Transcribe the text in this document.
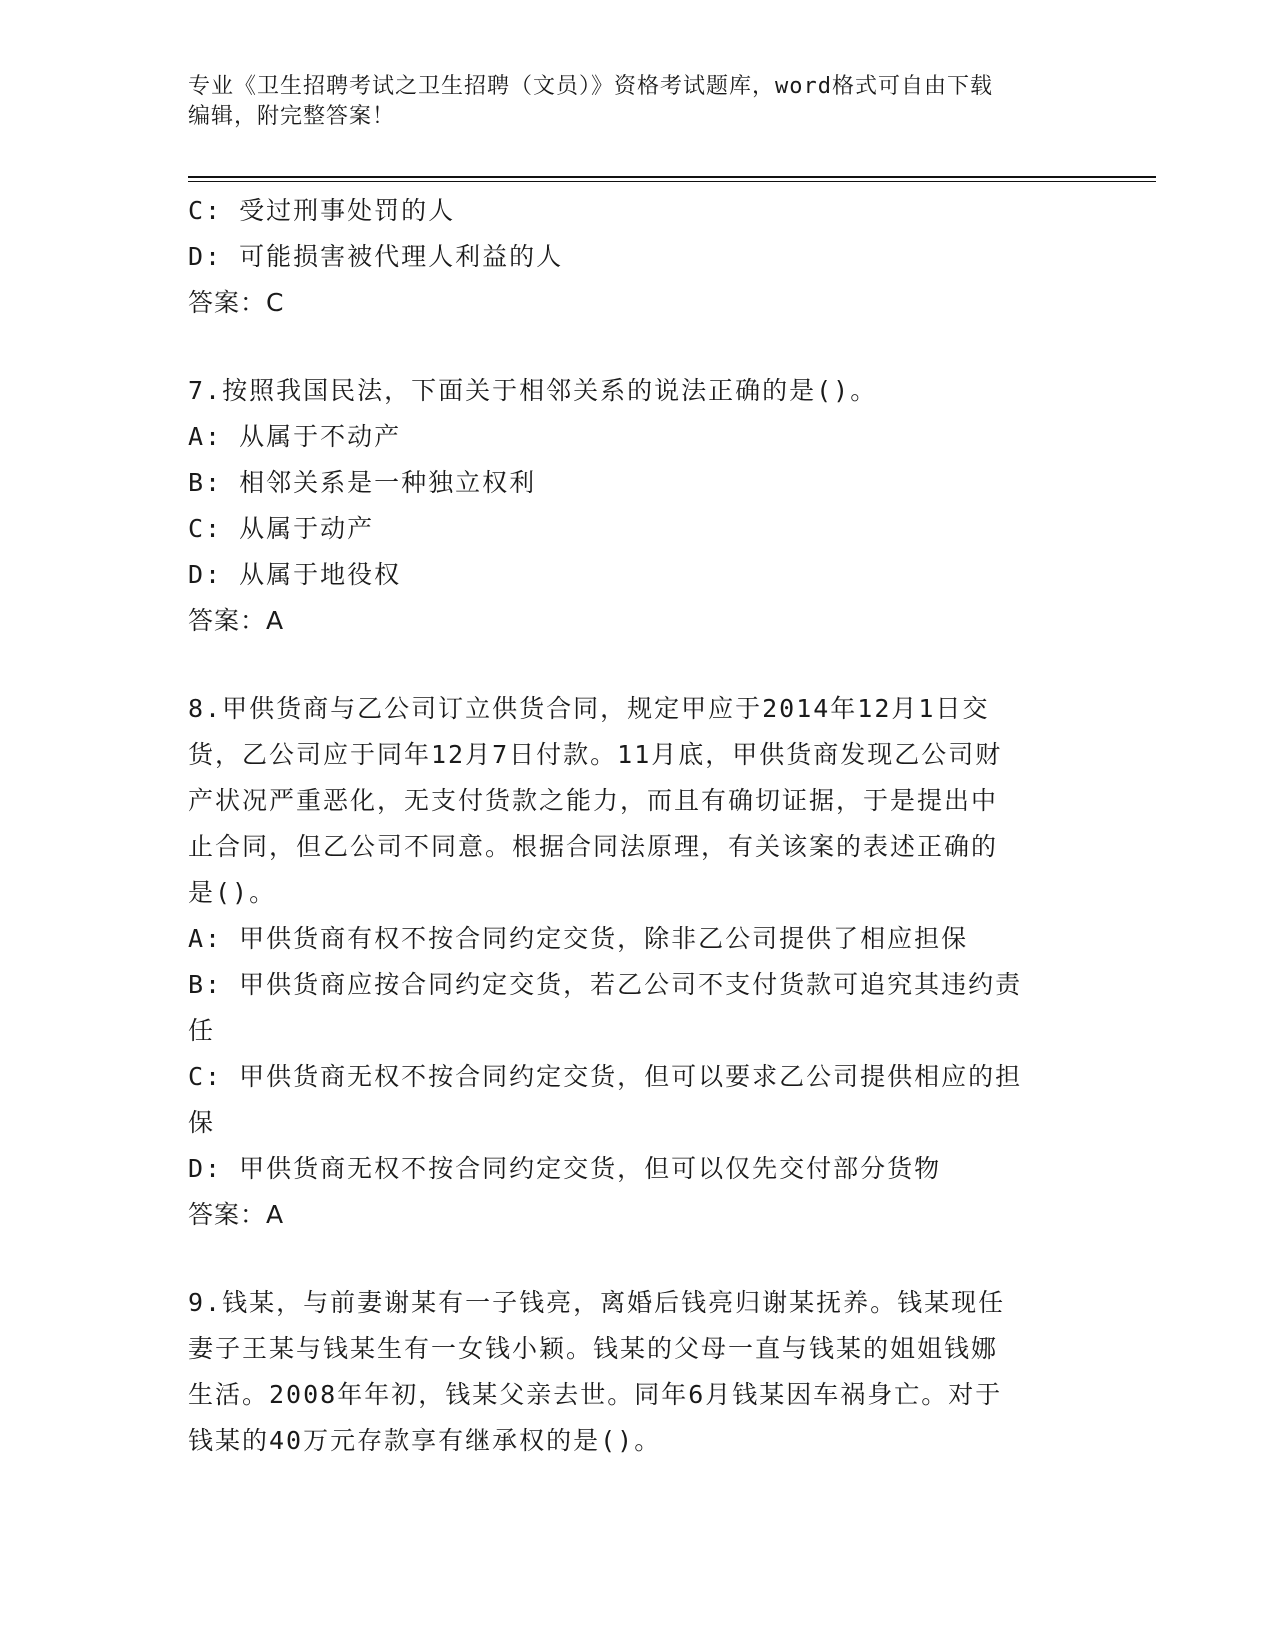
专业《卫生招聘考试之卫生招聘（文员）》资格考试题库，word格式可自由下载
编辑，附完整答案！
C: 受过刑事处罚的人
D: 可能损害被代理人利益的人
答案：C
7.按照我国民法，下面关于相邻关系的说法正确的是()。
A: 从属于不动产
B: 相邻关系是一种独立权利
C: 从属于动产
D: 从属于地役权
答案：A
8.甲供货商与乙公司订立供货合同，规定甲应于2014年12月1日交
货，乙公司应于同年12月7日付款。11月底，甲供货商发现乙公司财
产状况严重恶化，无支付货款之能力，而且有确切证据，于是提出中
止合同，但乙公司不同意。根据合同法原理，有关该案的表述正确的
是()。
A: 甲供货商有权不按合同约定交货，除非乙公司提供了相应担保
B: 甲供货商应按合同约定交货，若乙公司不支付货款可追究其违约责
任
C: 甲供货商无权不按合同约定交货，但可以要求乙公司提供相应的担
保
D: 甲供货商无权不按合同约定交货，但可以仅先交付部分货物
答案：A
9.钱某，与前妻谢某有一子钱亮，离婚后钱亮归谢某抚养。钱某现任
妻子王某与钱某生有一女钱小颖。钱某的父母一直与钱某的姐姐钱娜
生活。2008年年初，钱某父亲去世。同年6月钱某因车祸身亡。对于
钱某的40万元存款享有继承权的是()。
